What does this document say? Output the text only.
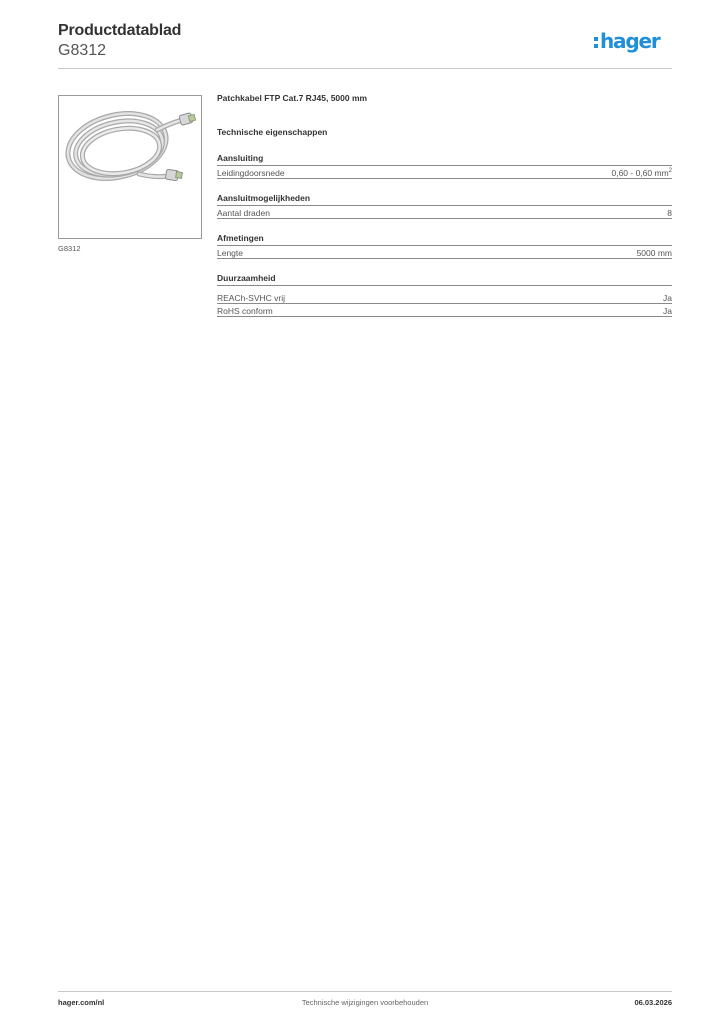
Productdatablad
G8312	hager
G8312
Patchkabel FTP Cat.7 RJ45, 5000 mm
Technische eigenschappen
Aansluiting
Leidingdoorsnede	0,60 - 0,60 $mm^2$
Aansluitmogelijkheden
Aantal draden	8
Afmetingen
Lengte	5000 mm
Duurzaamheid
REACh-SVHC vrij	Ja
RoHS conform	Ja
hager.com/nl	Technische wijzigingen voorbehouden	06.03.2026
